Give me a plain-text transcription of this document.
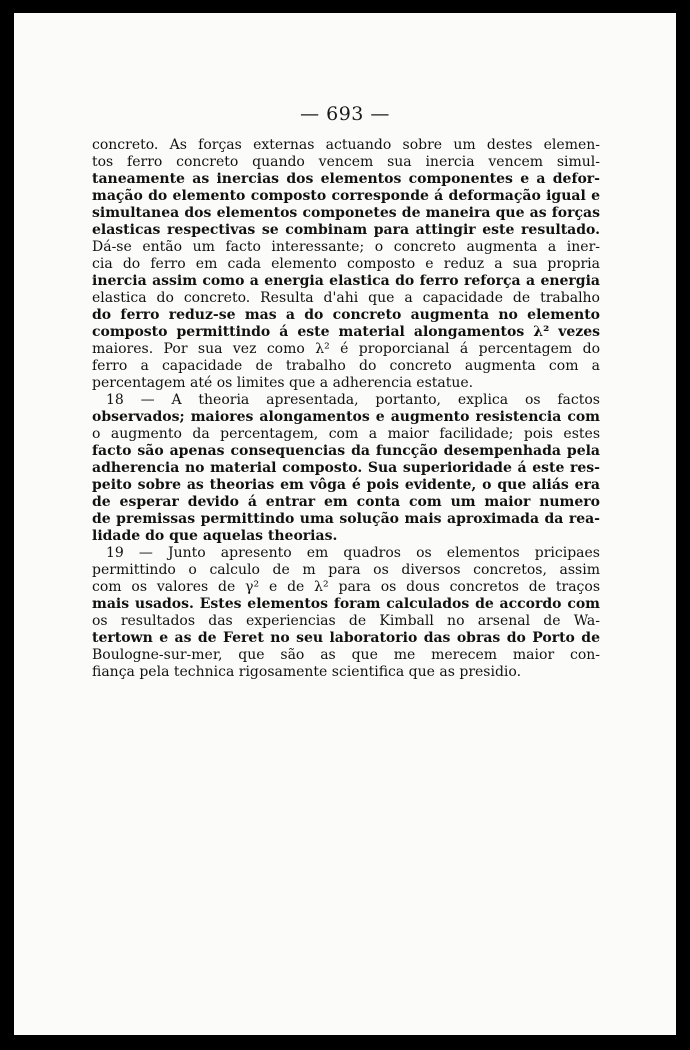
— 693 —
concreto. As forças externas actuando sobre um destes elemen-
tos ferro concreto quando vencem sua inercia vencem simul-
taneamente as inercias dos elementos componentes e a defor-
mação do elemento composto corresponde á deformação igual e
simultanea dos elementos componetes de maneira que as forças
elasticas respectivas se combinam para attingir este resultado.
Dá-se então um facto interessante; o concreto augmenta a iner-
cia do ferro em cada elemento composto e reduz a sua propria
inercia assim como a energia elastica do ferro reforça a energia
elastica do concreto. Resulta d'ahi que a capacidade de trabalho
do ferro reduz-se mas a do concreto augmenta no elemento
composto permittindo á este material alongamentos λ² vezes
maiores. Por sua vez como λ² é proporcianal á percentagem do
ferro a capacidade de trabalho do concreto augmenta com a
percentagem até os limites que a adherencia estatue.
18 — A theoria apresentada, portanto, explica os factos
observados; maiores alongamentos e augmento resistencia com
o augmento da percentagem, com a maior facilidade; pois estes
facto são apenas consequencias da funcção desempenhada pela
adherencia no material composto. Sua superioridade á este res-
peito sobre as theorias em vôga é pois evidente, o que aliás era
de esperar devido á entrar em conta com um maior numero
de premissas permittindo uma solução mais aproximada da rea-
lidade do que aquelas theorias.
19 — Junto apresento em quadros os elementos pricipaes
permittindo o calculo de m para os diversos concretos, assim
com os valores de γ² e de λ² para os dous concretos de traços
mais usados. Estes elementos foram calculados de accordo com
os resultados das experiencias de Kimball no arsenal de Wa-
tertown e as de Feret no seu laboratorio das obras do Porto de
Boulogne-sur-mer, que são as que me merecem maior con-
fiança pela technica rigosamente scientifica que as presidio.
